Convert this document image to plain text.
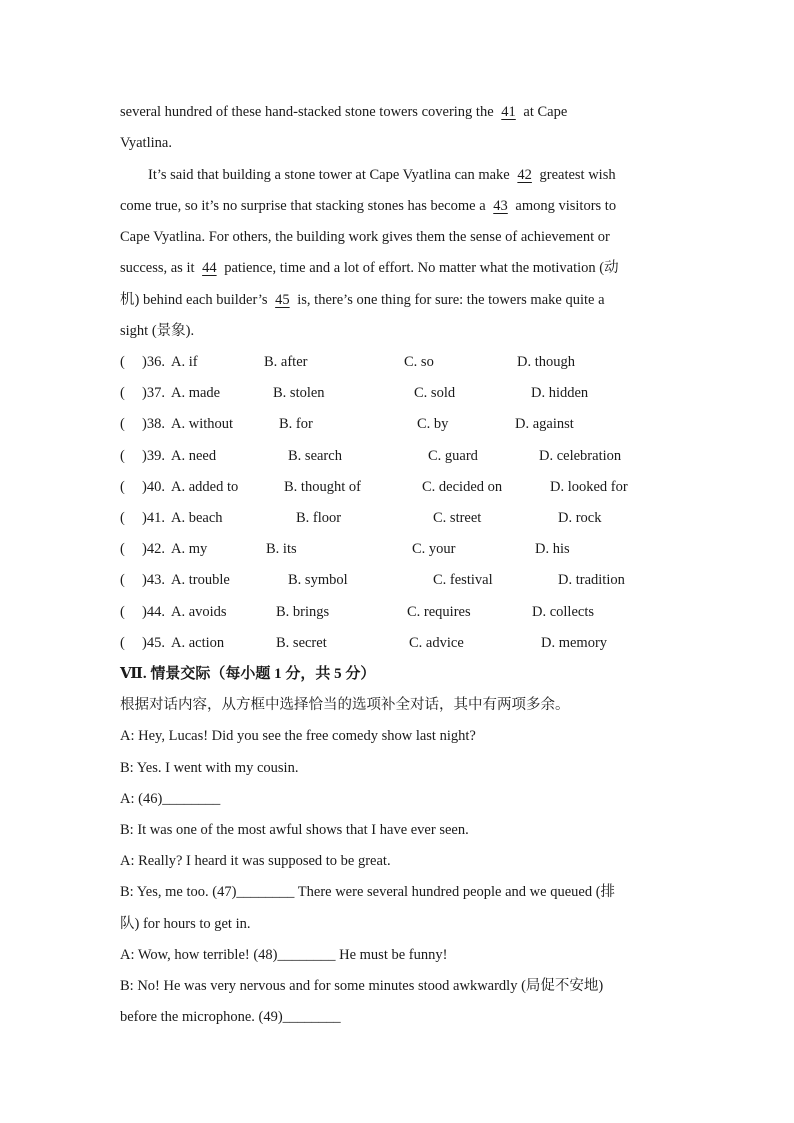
several hundred of these hand-stacked stone towers covering the 41 at Cape
Vyatlina.
It’s said that building a stone tower at Cape Vyatlina can make 42 greatest wish
come true, so it’s no surprise that stacking stones has become a 43 among visitors to
Cape Vyatlina. For others, the building work gives them the sense of achievement or
success, as it 44 patience, time and a lot of effort. No matter what the motivation (动
机) behind each builder’s 45 is, there’s one thing for sure: the towers make quite a
sight (景象).
( )36. A. if	B. after	C. so	D. though
( )37. A. made	B. stolen	C. sold	D. hidden
( )38. A. without	B. for	C. by	D. against
( )39. A. need	B. search	C. guard	D. celebration
( )40. A. added to	B. thought of	C. decided on	D. looked for
( )41. A. beach	B. floor	C. street	D. rock
( )42. A. my	B. its	C. your	D. his
( )43. A. trouble	B. symbol	C. festival	D. tradition
( )44. A. avoids	B. brings	C. requires	D. collects
( )45. A. action	B. secret	C. advice	D. memory
Ⅶ. 情景交际（每小题 1 分，共 5 分）
根据对话内容，从方框中选择恰当的选项补全对话，其中有两项多余。
A: Hey, Lucas! Did you see the free comedy show last night?
B: Yes. I went with my cousin.
A: (46)________
B: It was one of the most awful shows that I have ever seen.
A: Really? I heard it was supposed to be great.
B: Yes, me too. (47)________ There were several hundred people and we queued (排
队) for hours to get in.
A: Wow, how terrible! (48)________ He must be funny!
B: No! He was very nervous and for some minutes stood awkwardly (局促不安地)
before the microphone. (49)________
